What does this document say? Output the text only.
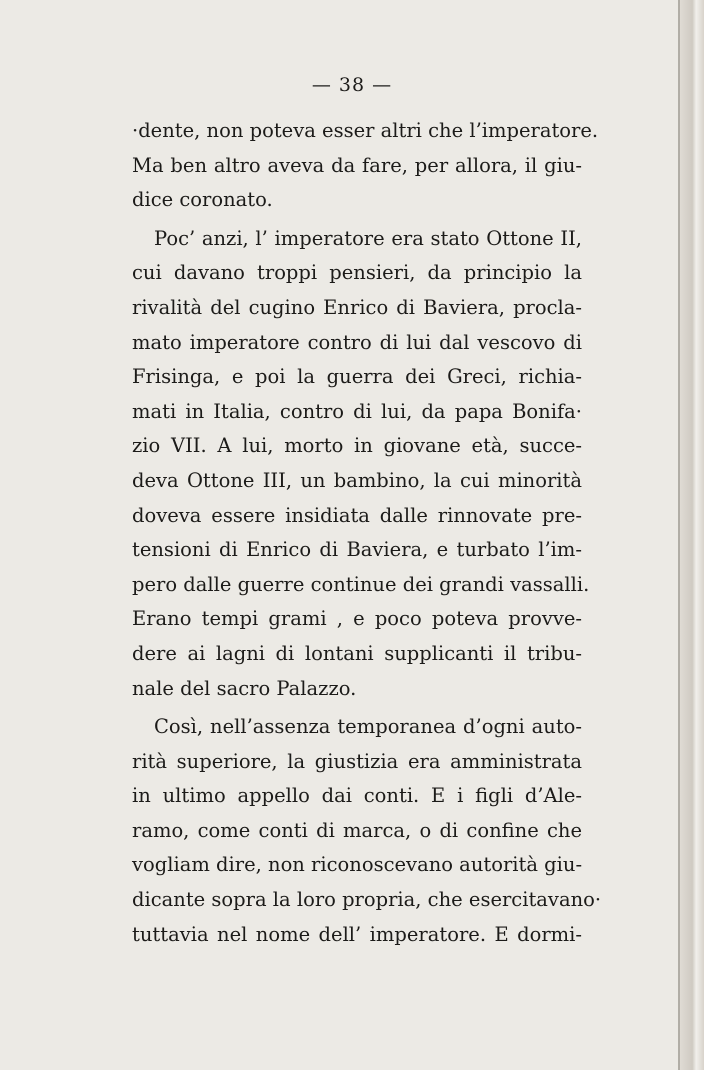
— 38 —
·dente, non poteva esser altri che l’imperatore.
Ma ben altro aveva da fare, per allora, il giu-
dice coronato.
Poc’ anzi, l’ imperatore era stato Ottone II,
cui davano troppi pensieri, da principio la
rivalità del cugino Enrico di Baviera, procla-
mato imperatore contro di lui dal vescovo di
Frisinga, e poi la guerra dei Greci, richia-
mati in Italia, contro di lui, da papa Bonifa·
zio VII. A lui, morto in giovane età, succe-
deva Ottone III, un bambino, la cui minorità
doveva essere insidiata dalle rinnovate pre-
tensioni di Enrico di Baviera, e turbato l’im-
pero dalle guerre continue dei grandi vassalli.
Erano tempi grami , e poco poteva provve-
dere ai lagni di lontani supplicanti il tribu-
nale del sacro Palazzo.
Così, nell’assenza temporanea d’ogni auto-
rità superiore, la giustizia era amministrata
in ultimo appello dai conti. E i figli d’Ale-
ramo, come conti di marca, o di confine che
vogliam dire, non riconoscevano autorità giu-
dicante sopra la loro propria, che esercitavano·
tuttavia nel nome dell’ imperatore. E dormi-
